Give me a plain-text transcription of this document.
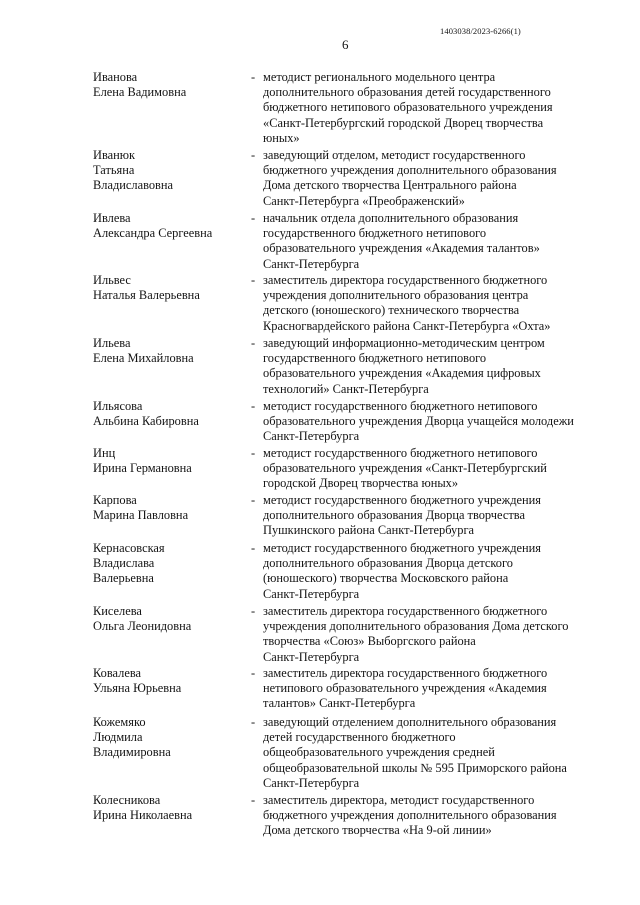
1403038/2023-6266(1)
6
Иванова
Елена Вадимовна
- методист регионального модельного центра
дополнительного образования детей государственного
бюджетного нетипового образовательного учреждения
«Санкт-Петербургский городской Дворец творчества
юных»
Иванюк
Татьяна
Владиславовна
- заведующий отделом, методист государственного
бюджетного учреждения дополнительного образования
Дома детского творчества Центрального района
Санкт-Петербурга «Преображенский»
Ивлева
Александра Сергеевна
- начальник отдела дополнительного образования
государственного бюджетного нетипового
образовательного учреждения «Академия талантов»
Санкт-Петербурга
Ильвес
Наталья Валерьевна
- заместитель директора государственного бюджетного
учреждения дополнительного образования центра
детского (юношеского) технического творчества
Красногвардейского района Санкт-Петербурга «Охта»
Ильева
Елена Михайловна
- заведующий информационно-методическим центром
государственного бюджетного нетипового
образовательного учреждения «Академия цифровых
технологий» Санкт-Петербурга
Ильясова
Альбина Кабировна
- методист государственного бюджетного нетипового
образовательного учреждения Дворца учащейся молодежи
Санкт-Петербурга
Инц
Ирина Германовна
- методист государственного бюджетного нетипового
образовательного учреждения «Санкт-Петербургский
городской Дворец творчества юных»
Карпова
Марина Павловна
- методист государственного бюджетного учреждения
дополнительного образования Дворца творчества
Пушкинского района Санкт-Петербурга
Кернасовская
Владислава
Валерьевна
- методист государственного бюджетного учреждения
дополнительного образования Дворца детского
(юношеского) творчества Московского района
Санкт-Петербурга
Киселева
Ольга Леонидовна
- заместитель директора государственного бюджетного
учреждения дополнительного образования Дома детского
творчества «Союз» Выборгского района
Санкт-Петербурга
Ковалева
Ульяна Юрьевна
- заместитель директора государственного бюджетного
нетипового образовательного учреждения «Академия
талантов» Санкт-Петербурга
Кожемяко
Людмила
Владимировна
- заведующий отделением дополнительного образования
детей государственного бюджетного
общеобразовательного учреждения средней
общеобразовательной школы № 595 Приморского района
Санкт-Петербурга
Колесникова
Ирина Николаевна
- заместитель директора, методист государственного
бюджетного учреждения дополнительного образования
Дома детского творчества «На 9-ой линии»
